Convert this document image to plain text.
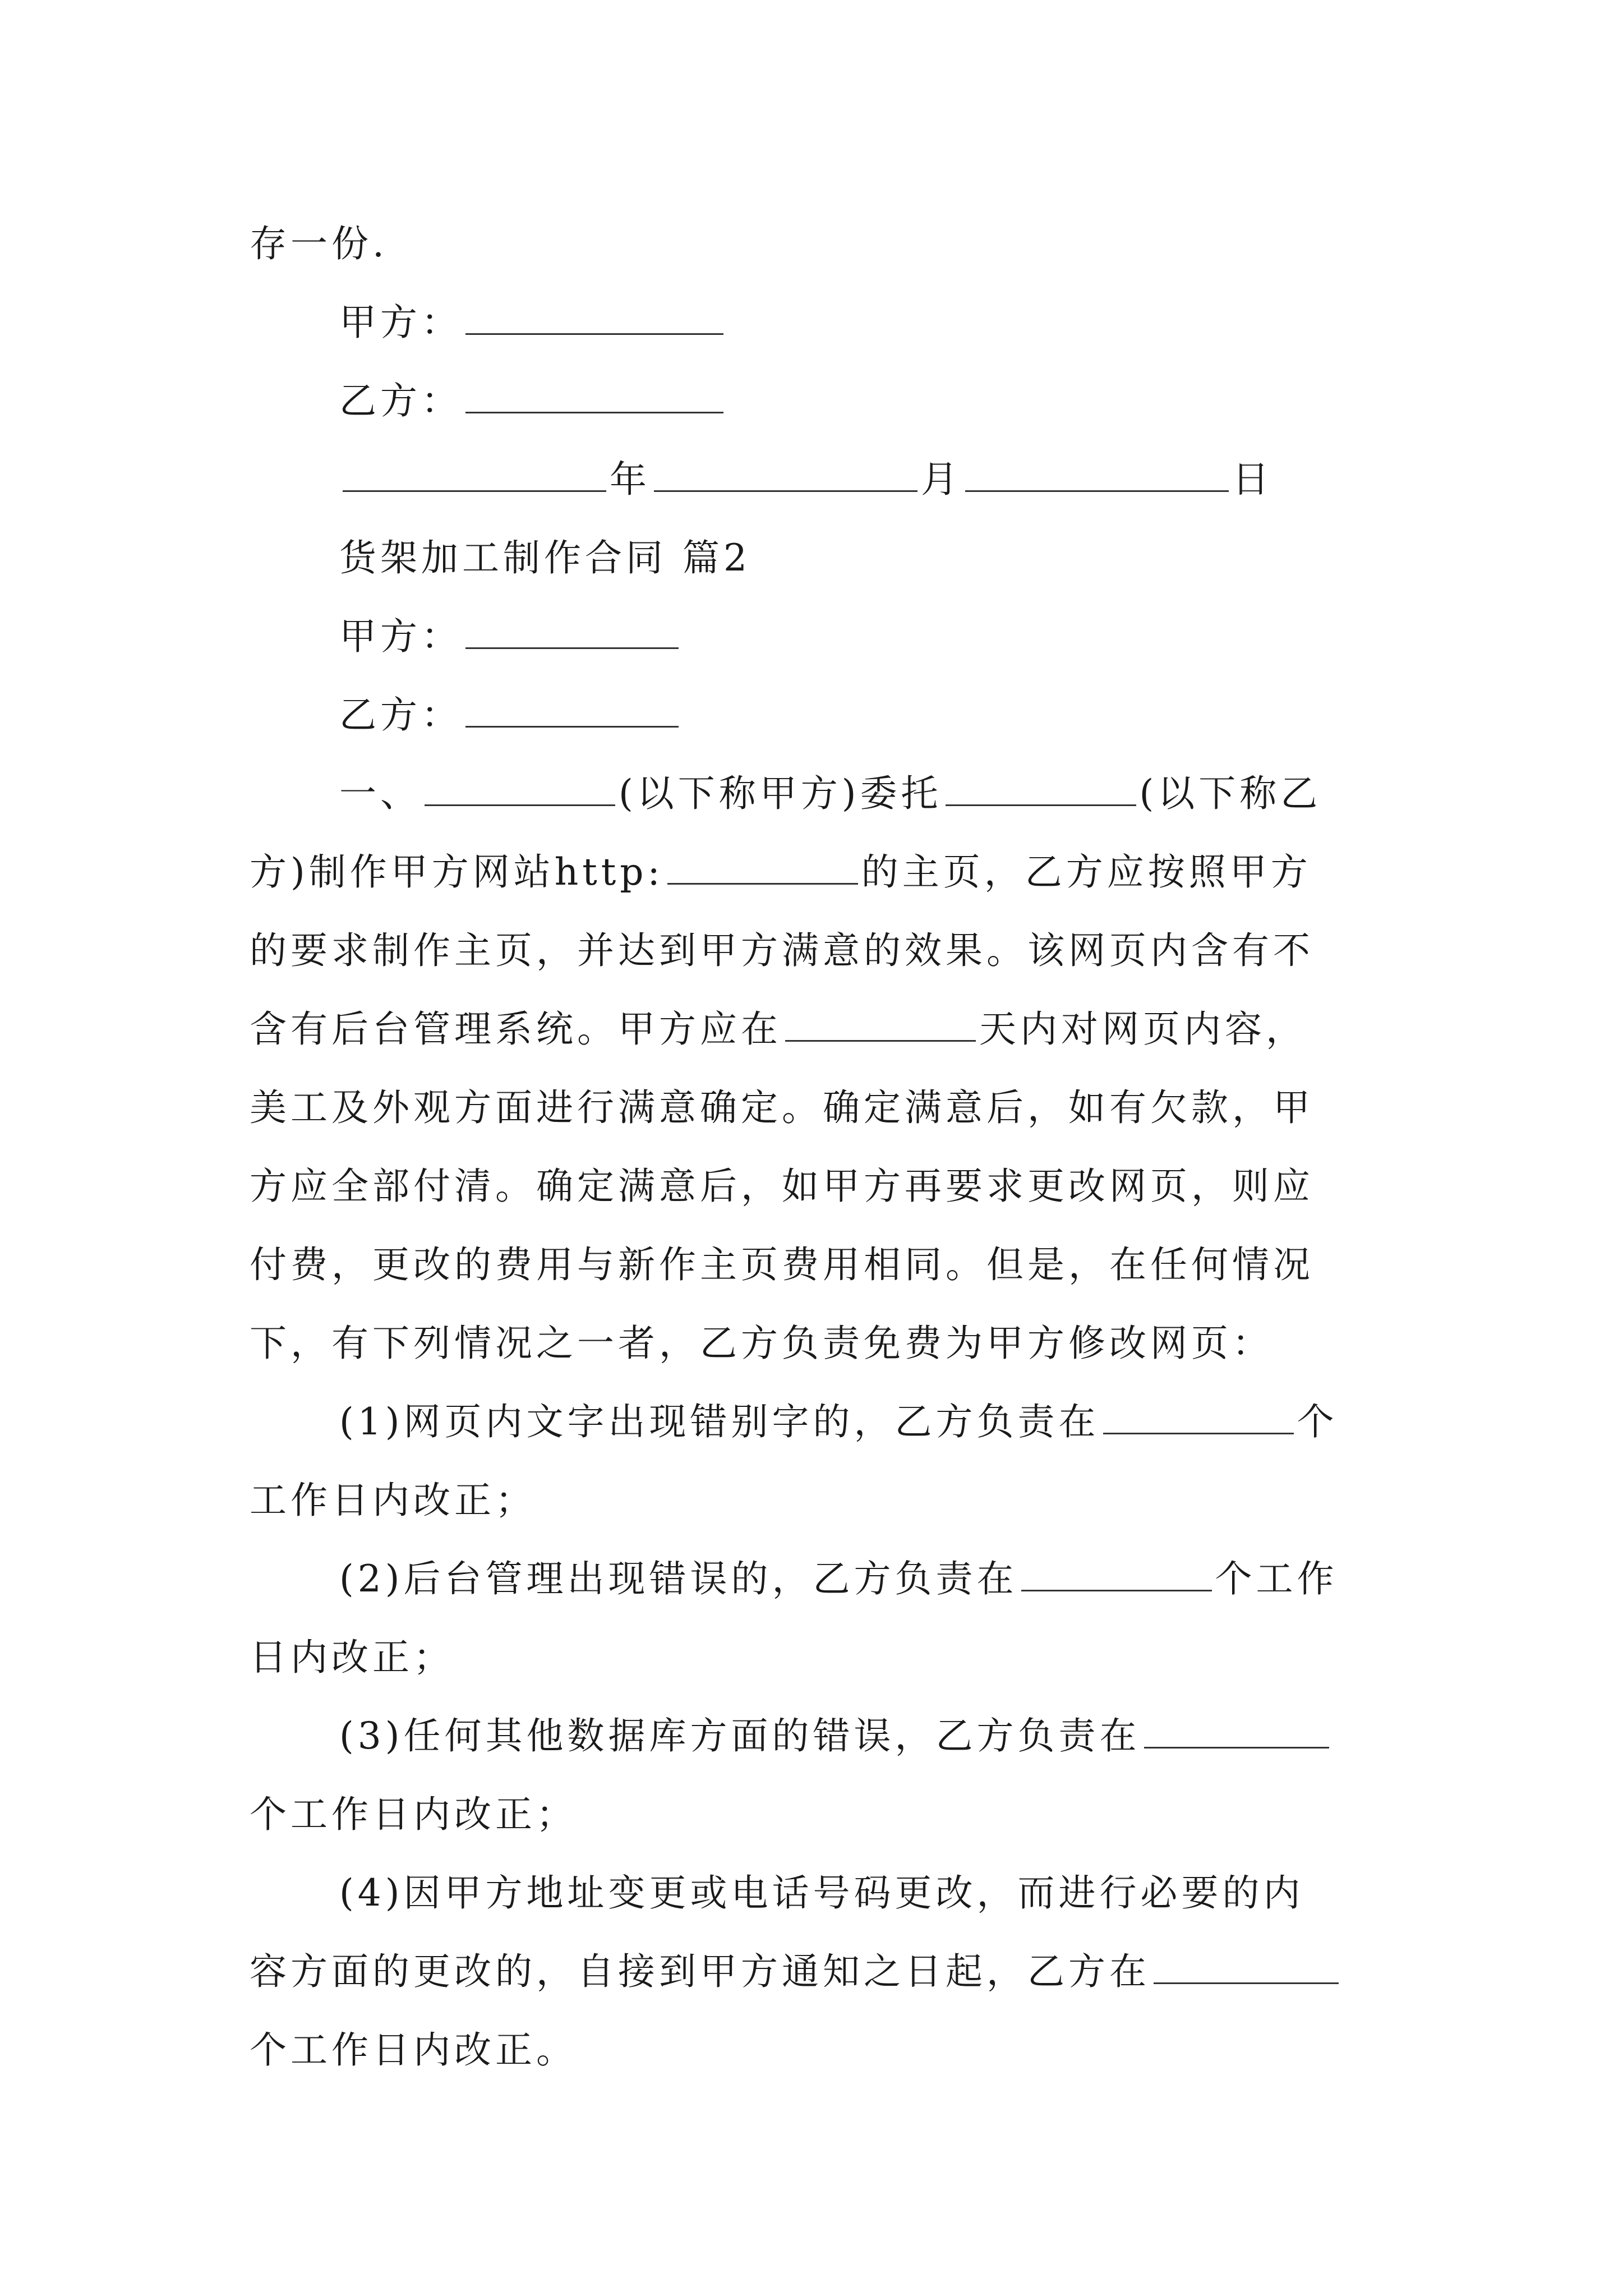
存一份.
甲方：
乙方：
年	月	日
货架加工制作合同 篇2
甲方：
乙方：
一、	(以下称甲方)委托	(以下称乙
方)制作甲方网站http:	的主页，乙方应按照甲方
的要求制作主页，并达到甲方满意的效果。该网页内含有不
含有后台管理系统。甲方应在	天内对网页内容，
美工及外观方面进行满意确定。确定满意后，如有欠款，甲
方应全部付清。确定满意后，如甲方再要求更改网页，则应
付费，更改的费用与新作主页费用相同。但是，在任何情况
下，有下列情况之一者，乙方负责免费为甲方修改网页：
(1)网页内文字出现错别字的，乙方负责在	个
工作日内改正；
(2)后台管理出现错误的，乙方负责在	个工作
日内改正；
(3)任何其他数据库方面的错误，乙方负责在
个工作日内改正；
(4)因甲方地址变更或电话号码更改，而进行必要的内
容方面的更改的，自接到甲方通知之日起，乙方在
个工作日内改正。
